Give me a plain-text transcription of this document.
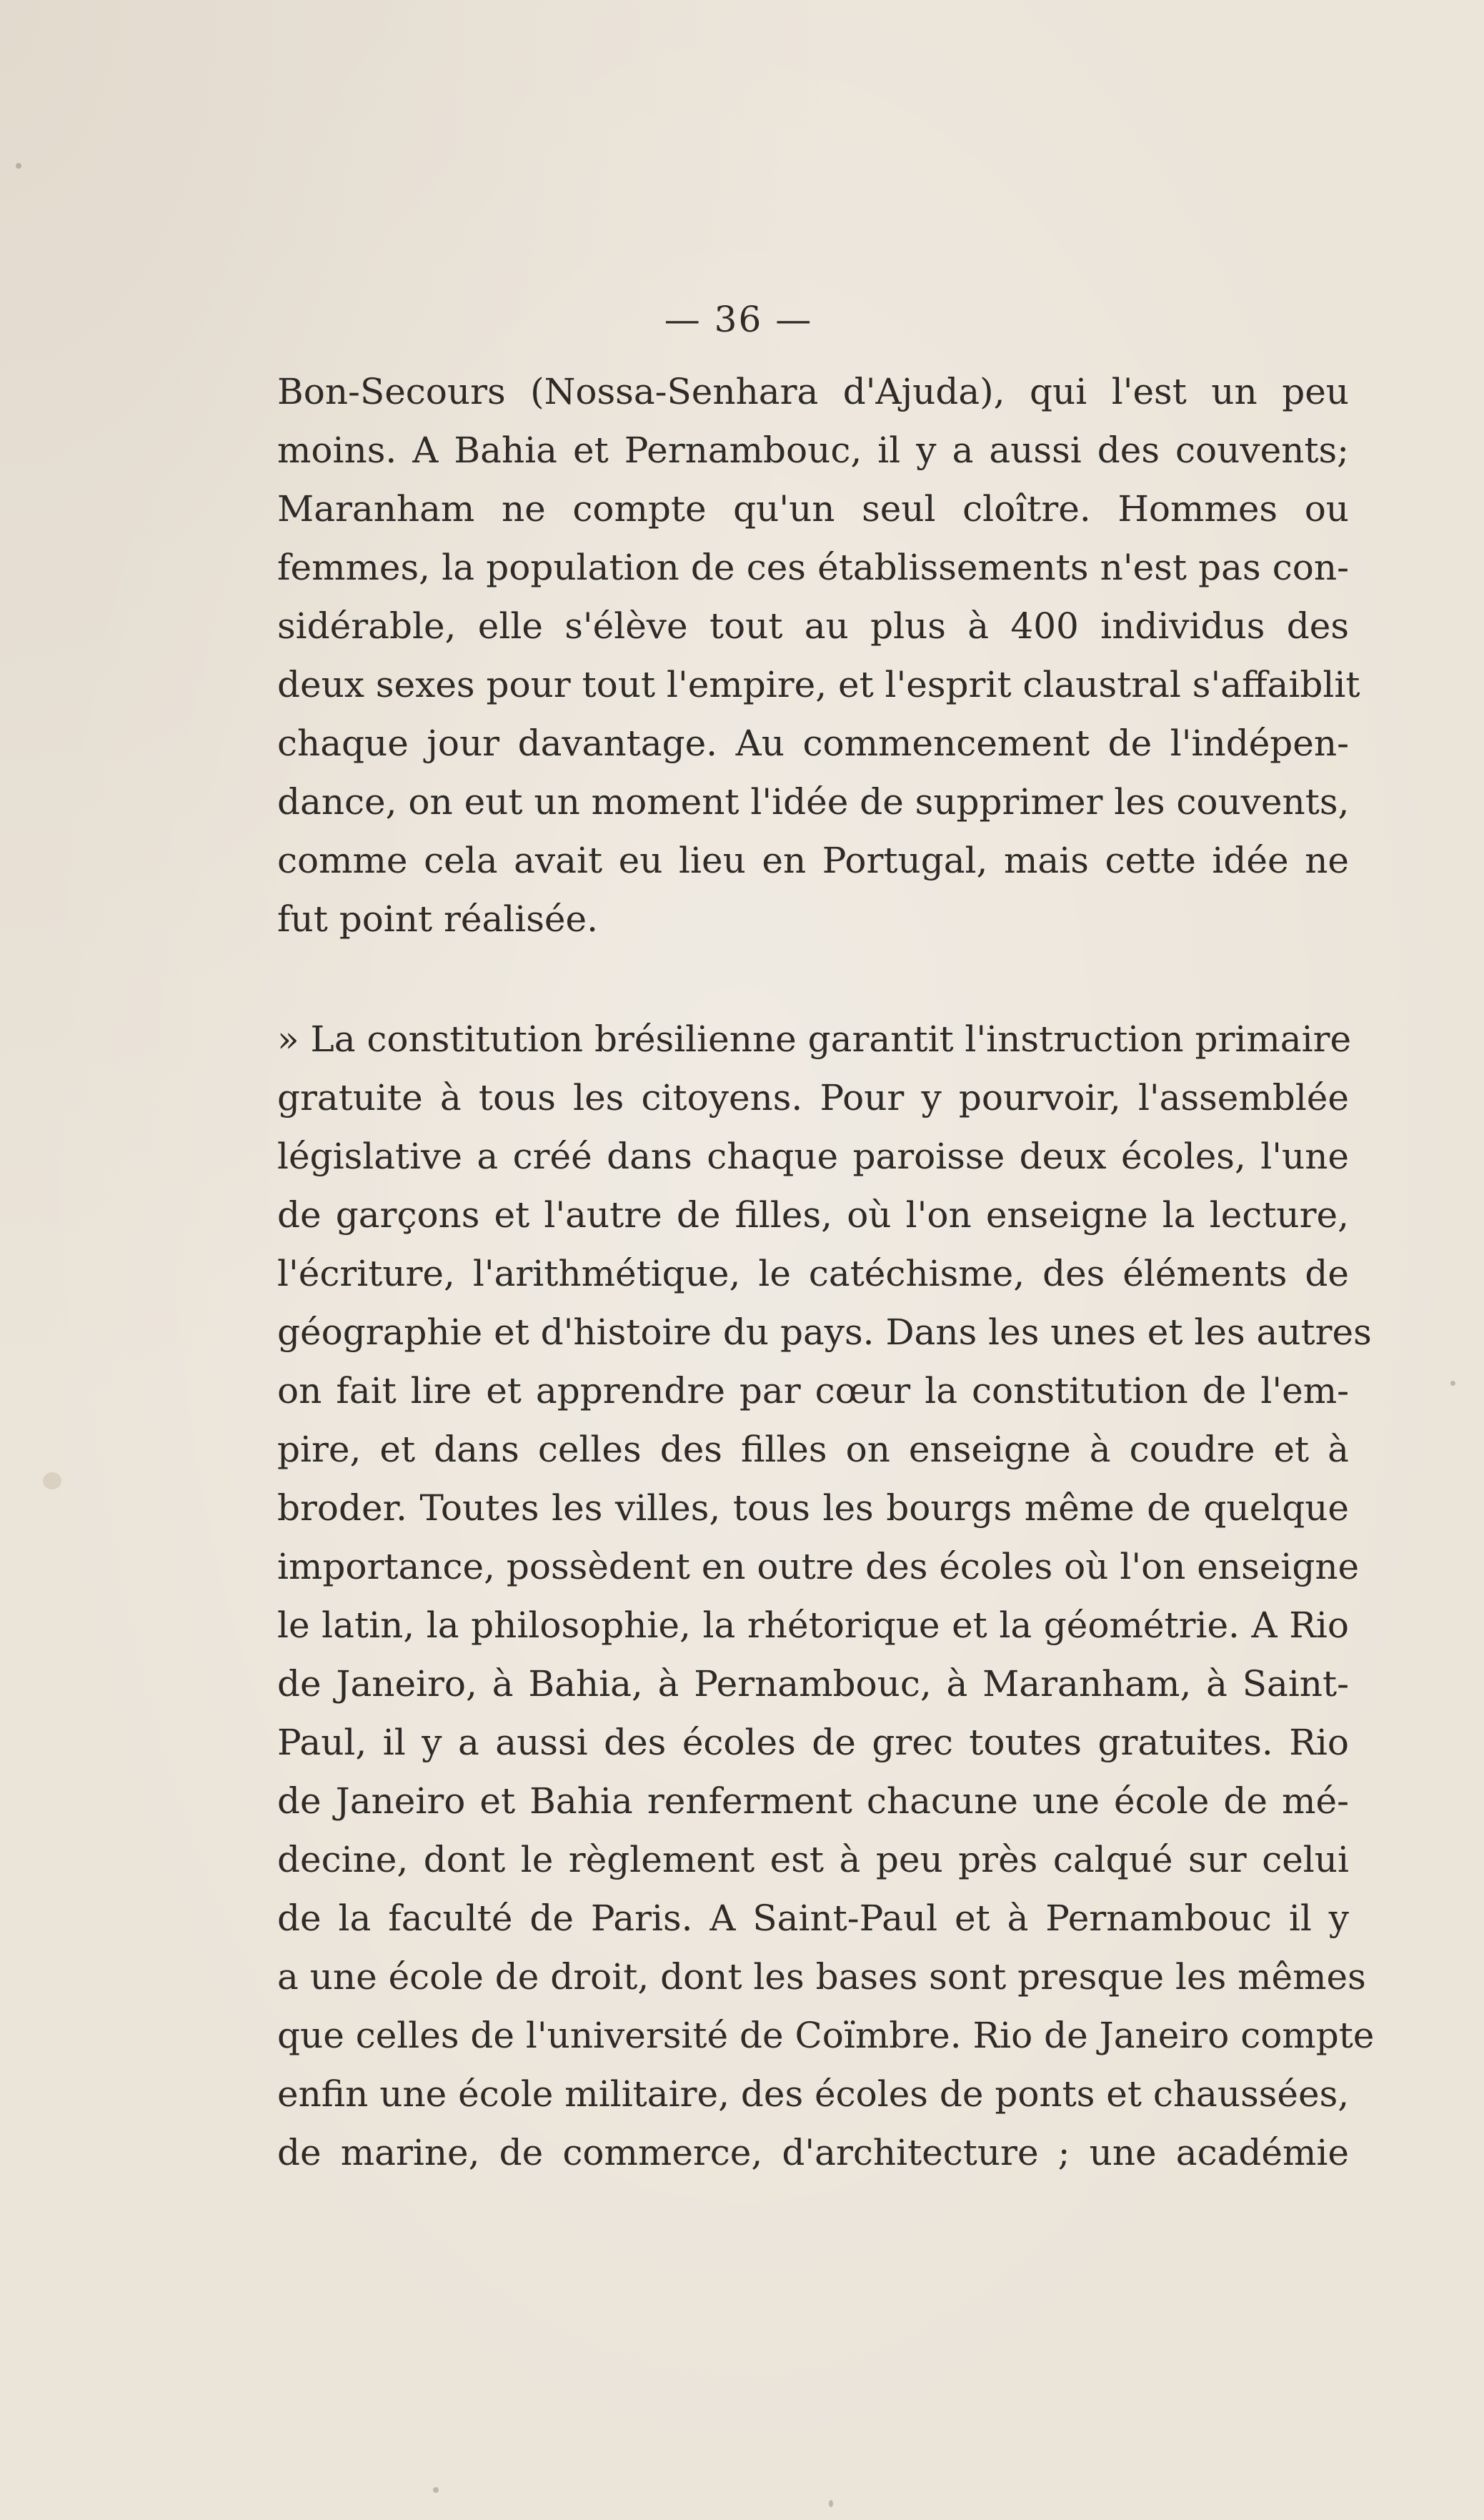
— 36 —
Bon-Secours (Nossa-Senhara d'Ajuda), qui l'est un peu
moins. A Bahia et Pernambouc, il y a aussi des couvents;
Maranham ne compte qu'un seul cloître. Hommes ou
femmes, la population de ces établissements n'est pas con-
sidérable, elle s'élève tout au plus à 400 individus des
deux sexes pour tout l'empire, et l'esprit claustral s'affaiblit
chaque jour davantage. Au commencement de l'indépen-
dance, on eut un moment l'idée de supprimer les couvents,
comme cela avait eu lieu en Portugal, mais cette idée ne
fut point réalisée.
» La constitution brésilienne garantit l'instruction primaire
gratuite à tous les citoyens. Pour y pourvoir, l'assemblée
législative a créé dans chaque paroisse deux écoles, l'une
de garçons et l'autre de filles, où l'on enseigne la lecture,
l'écriture, l'arithmétique, le catéchisme, des éléments de
géographie et d'histoire du pays. Dans les unes et les autres
on fait lire et apprendre par cœur la constitution de l'em-
pire, et dans celles des filles on enseigne à coudre et à
broder. Toutes les villes, tous les bourgs même de quelque
importance, possèdent en outre des écoles où l'on enseigne
le latin, la philosophie, la rhétorique et la géométrie. A Rio
de Janeiro, à Bahia, à Pernambouc, à Maranham, à Saint-
Paul, il y a aussi des écoles de grec toutes gratuites. Rio
de Janeiro et Bahia renferment chacune une école de mé-
decine, dont le règlement est à peu près calqué sur celui
de la faculté de Paris. A Saint-Paul et à Pernambouc il y
a une école de droit, dont les bases sont presque les mêmes
que celles de l'université de Coïmbre. Rio de Janeiro compte
enfin une école militaire, des écoles de ponts et chaussées,
de marine, de commerce, d'architecture ; une académie
